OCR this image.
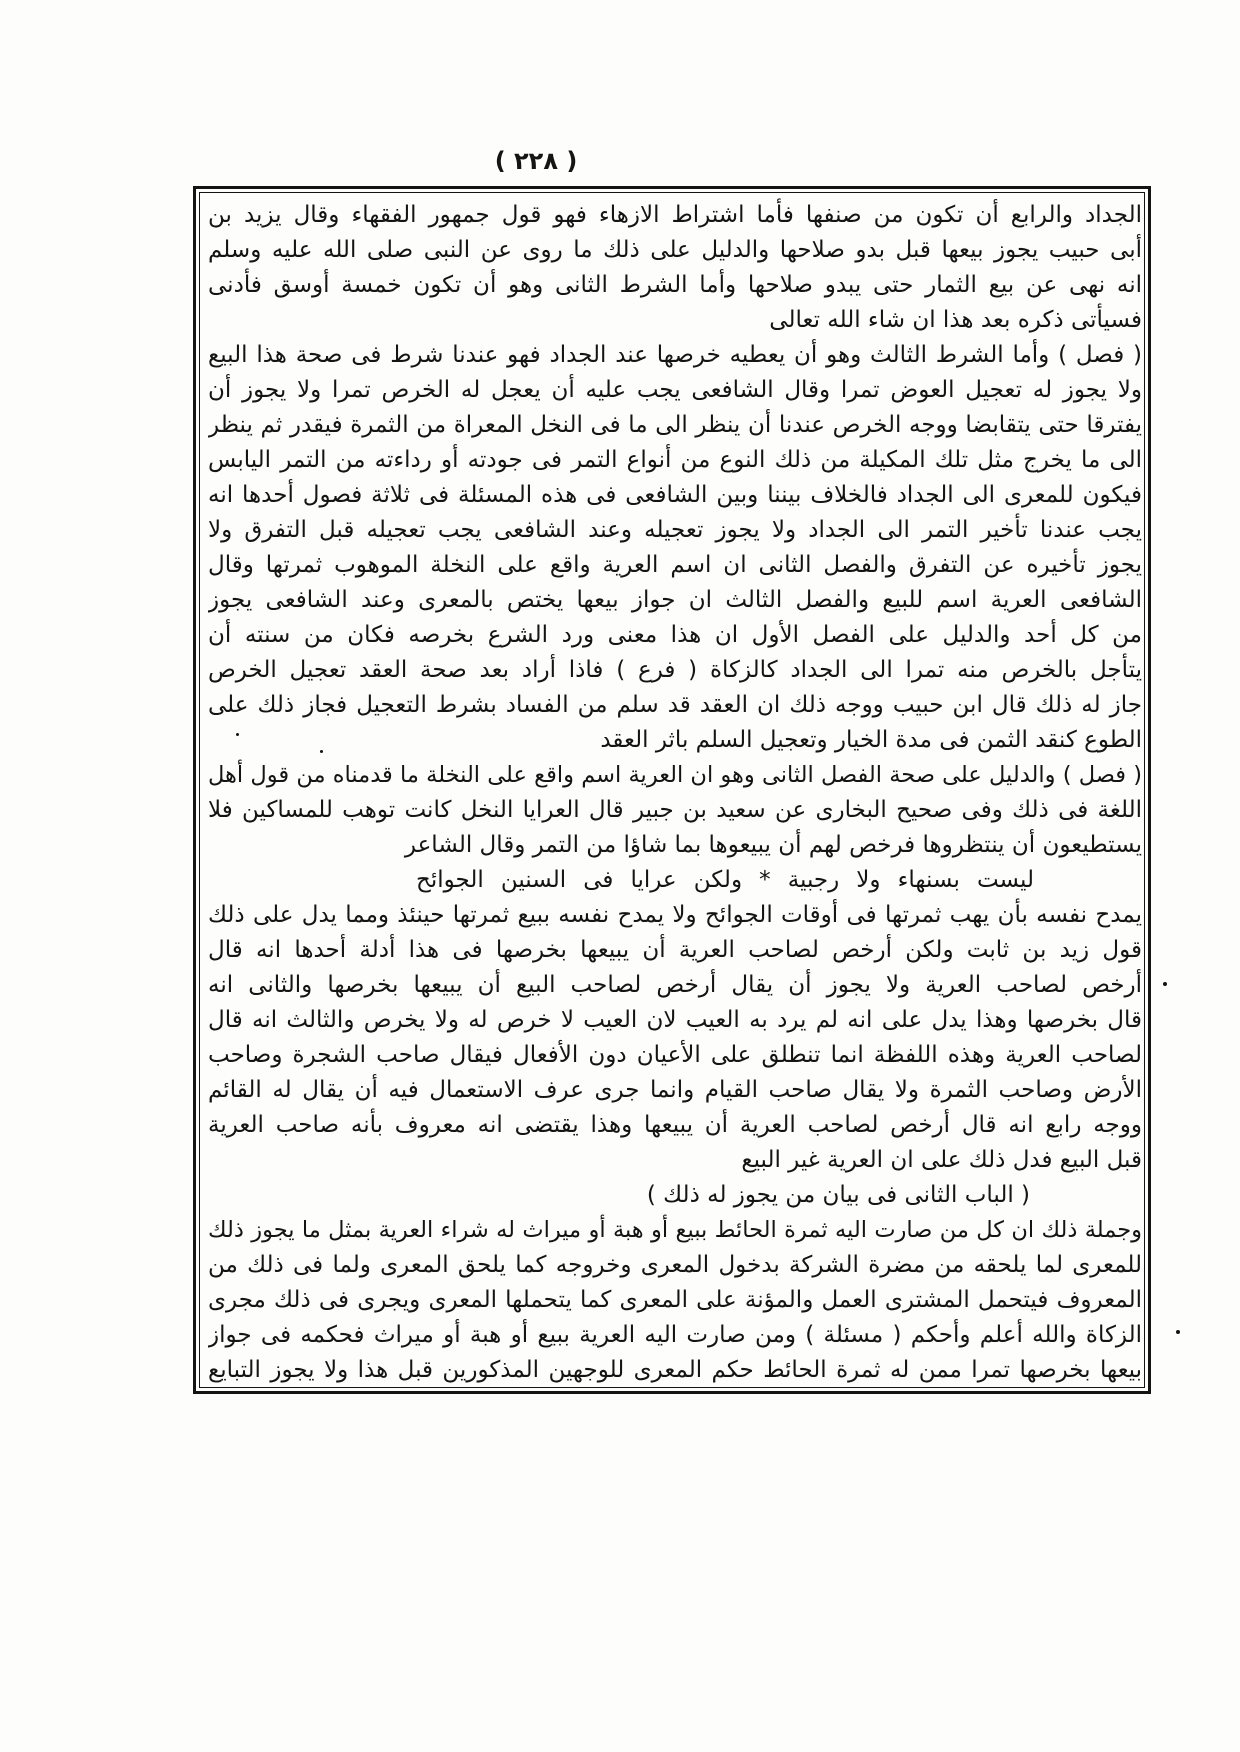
( ٢٢٨ )
الجداد والرابع أن تكون من صنفها فأما اشتراط الازهاء فهو قول جمهور الفقهاء وقال يزيد بن
أبى حبيب يجوز بيعها قبل بدو صلاحها والدليل على ذلك ما روى عن النبى صلى الله عليه وسلم
انه نهى عن بيع الثمار حتى يبدو صلاحها وأما الشرط الثانى وهو أن تكون خمسة أوسق فأدنى
فسيأتى ذكره بعد هذا ان شاء الله تعالى
( فصل ) وأما الشرط الثالث وهو أن يعطيه خرصها عند الجداد فهو عندنا شرط فى صحة هذا البيع
ولا يجوز له تعجيل العوض تمرا وقال الشافعى يجب عليه أن يعجل له الخرص تمرا ولا يجوز أن
يفترقا حتى يتقابضا ووجه الخرص عندنا أن ينظر الى ما فى النخل المعراة من الثمرة فيقدر ثم ينظر
الى ما يخرج مثل تلك المكيلة من ذلك النوع من أنواع التمر فى جودته أو رداءته من التمر اليابس
فيكون للمعرى الى الجداد فالخلاف بيننا وبين الشافعى فى هذه المسئلة فى ثلاثة فصول أحدها انه
يجب عندنا تأخير التمر الى الجداد ولا يجوز تعجيله وعند الشافعى يجب تعجيله قبل التفرق ولا
يجوز تأخيره عن التفرق والفصل الثانى ان اسم العرية واقع على النخلة الموهوب ثمرتها وقال
الشافعى العرية اسم للبيع والفصل الثالث ان جواز بيعها يختص بالمعرى وعند الشافعى يجوز
من كل أحد والدليل على الفصل الأول ان هذا معنى ورد الشرع بخرصه فكان من سنته أن
يتأجل بالخرص منه تمرا الى الجداد كالزكاة ( فرع ) فاذا أراد بعد صحة العقد تعجيل الخرص
جاز له ذلك قال ابن حبيب ووجه ذلك ان العقد قد سلم من الفساد بشرط التعجيل فجاز ذلك على
الطوع كنقد الثمن فى مدة الخيار وتعجيل السلم باثر العقد
( فصل ) والدليل على صحة الفصل الثانى وهو ان العرية اسم واقع على النخلة ما قدمناه من قول أهل
اللغة فى ذلك وفى صحيح البخارى عن سعيد بن جبير قال العرايا النخل كانت توهب للمساكين فلا
يستطيعون أن ينتظروها فرخص لهم أن يبيعوها بما شاؤا من التمر وقال الشاعر
ليست بسنهاء ولا رجبية * ولكن عرايا فى السنين الجوائح
يمدح نفسه بأن يهب ثمرتها فى أوقات الجوائح ولا يمدح نفسه ببيع ثمرتها حينئذ ومما يدل على ذلك
قول زيد بن ثابت ولكن أرخص لصاحب العرية أن يبيعها بخرصها فى هذا أدلة أحدها انه قال
أرخص لصاحب العرية ولا يجوز أن يقال أرخص لصاحب البيع أن يبيعها بخرصها والثانى انه
قال بخرصها وهذا يدل على انه لم يرد به العيب لان العيب لا خرص له ولا يخرص والثالث انه قال
لصاحب العرية وهذه اللفظة انما تنطلق على الأعيان دون الأفعال فيقال صاحب الشجرة وصاحب
الأرض وصاحب الثمرة ولا يقال صاحب القيام وانما جرى عرف الاستعمال فيه أن يقال له القائم
ووجه رابع انه قال أرخص لصاحب العرية أن يبيعها وهذا يقتضى انه معروف بأنه صاحب العرية
قبل البيع فدل ذلك على ان العرية غير البيع
( الباب الثانى فى بيان من يجوز له ذلك )
وجملة ذلك ان كل من صارت اليه ثمرة الحائط ببيع أو هبة أو ميراث له شراء العرية بمثل ما يجوز ذلك
للمعرى لما يلحقه من مضرة الشركة بدخول المعرى وخروجه كما يلحق المعرى ولما فى ذلك من
المعروف فيتحمل المشترى العمل والمؤنة على المعرى كما يتحملها المعرى ويجرى فى ذلك مجرى
الزكاة والله أعلم وأحكم ( مسئلة ) ومن صارت اليه العرية ببيع أو هبة أو ميراث فحكمه فى جواز
بيعها بخرصها تمرا ممن له ثمرة الحائط حكم المعرى للوجهين المذكورين قبل هذا ولا يجوز التبايع
